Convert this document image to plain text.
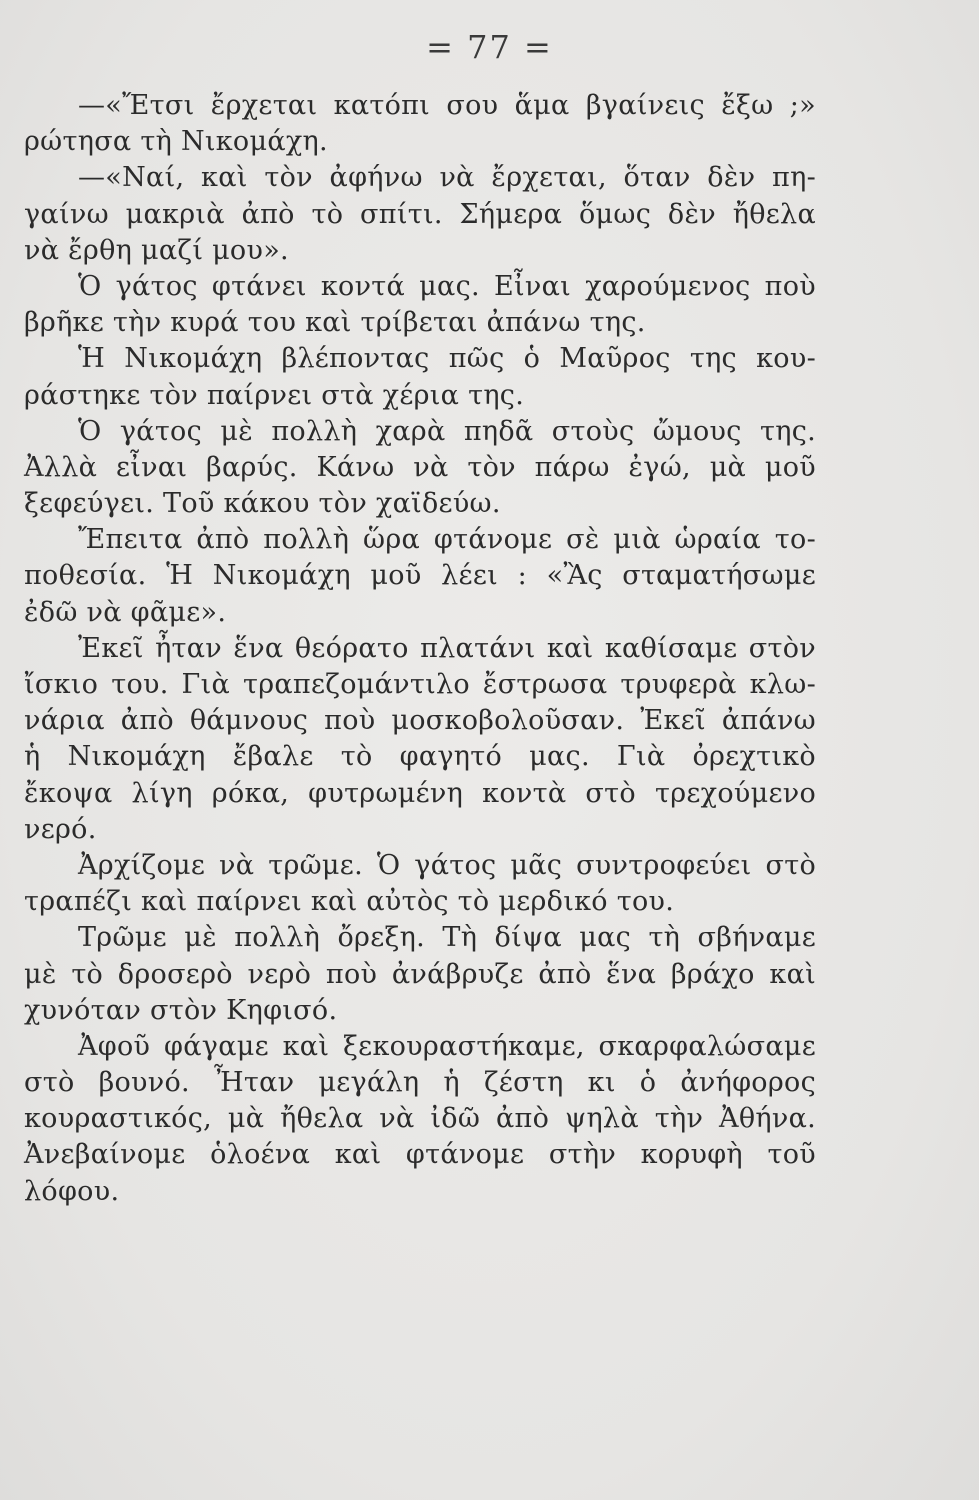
= 77 =
—«Ἔτσι ἔρχεται κατόπι σου ἅμα βγαίνεις ἔξω ;»
ρώτησα τὴ Νικομάχη.
—«Ναί, καὶ τὸν ἀφήνω νὰ ἔρχεται, ὅταν δὲν πη-
γαίνω μακριὰ ἀπὸ τὸ σπίτι. Σήμερα ὅμως δὲν ἤθελα
νὰ ἔρθη μαζί μου».
Ὁ γάτος φτάνει κοντά μας. Εἶναι χαρούμενος ποὺ
βρῆκε τὴν κυρά του καὶ τρίβεται ἀπάνω της.
Ἡ Νικομάχη βλέποντας πῶς ὁ Μαῦρος της κου-
ράστηκε τὸν παίρνει στὰ χέρια της.
Ὁ γάτος μὲ πολλὴ χαρὰ πηδᾶ στοὺς ὤμους της.
Ἀλλὰ εἶναι βαρύς. Κάνω νὰ τὸν πάρω ἐγώ, μὰ μοῦ
ξεφεύγει. Τοῦ κάκου τὸν χαϊδεύω.
Ἔπειτα ἀπὸ πολλὴ ὥρα φτάνομε σὲ μιὰ ὡραία το-
ποθεσία. Ἡ Νικομάχη μοῦ λέει : «Ἂς σταματήσωμε
ἐδῶ νὰ φᾶμε».
Ἐκεῖ ἦταν ἕνα θεόρατο πλατάνι καὶ καθίσαμε στὸν
ἴσκιο του. Γιὰ τραπεζομάντιλο ἔστρωσα τρυφερὰ κλω-
νάρια ἀπὸ θάμνους ποὺ μοσκοβολοῦσαν. Ἐκεῖ ἀπάνω
ἡ Νικομάχη ἔβαλε τὸ φαγητό μας. Γιὰ ὀρεχτικὸ
ἔκοψα λίγη ρόκα, φυτρωμένη κοντὰ στὸ τρεχούμενο
νερό.
Ἀρχίζομε νὰ τρῶμε. Ὁ γάτος μᾶς συντροφεύει στὸ
τραπέζι καὶ παίρνει καὶ αὐτὸς τὸ μερδικό του.
Τρῶμε μὲ πολλὴ ὄρεξη. Τὴ δίψα μας τὴ σβήναμε
μὲ τὸ δροσερὸ νερὸ ποὺ ἀνάβρυζε ἀπὸ ἕνα βράχο καὶ
χυνόταν στὸν Κηφισό.
Ἀφοῦ φάγαμε καὶ ξεκουραστήκαμε, σκαρφαλώσαμε
στὸ βουνό. Ἦταν μεγάλη ἡ ζέστη κι ὁ ἀνήφορος
κουραστικός, μὰ ἤθελα νὰ ἰδῶ ἀπὸ ψηλὰ τὴν Ἀθήνα.
Ἀνεβαίνομε ὁλοένα καὶ φτάνομε στὴν κορυφὴ τοῦ
λόφου.
